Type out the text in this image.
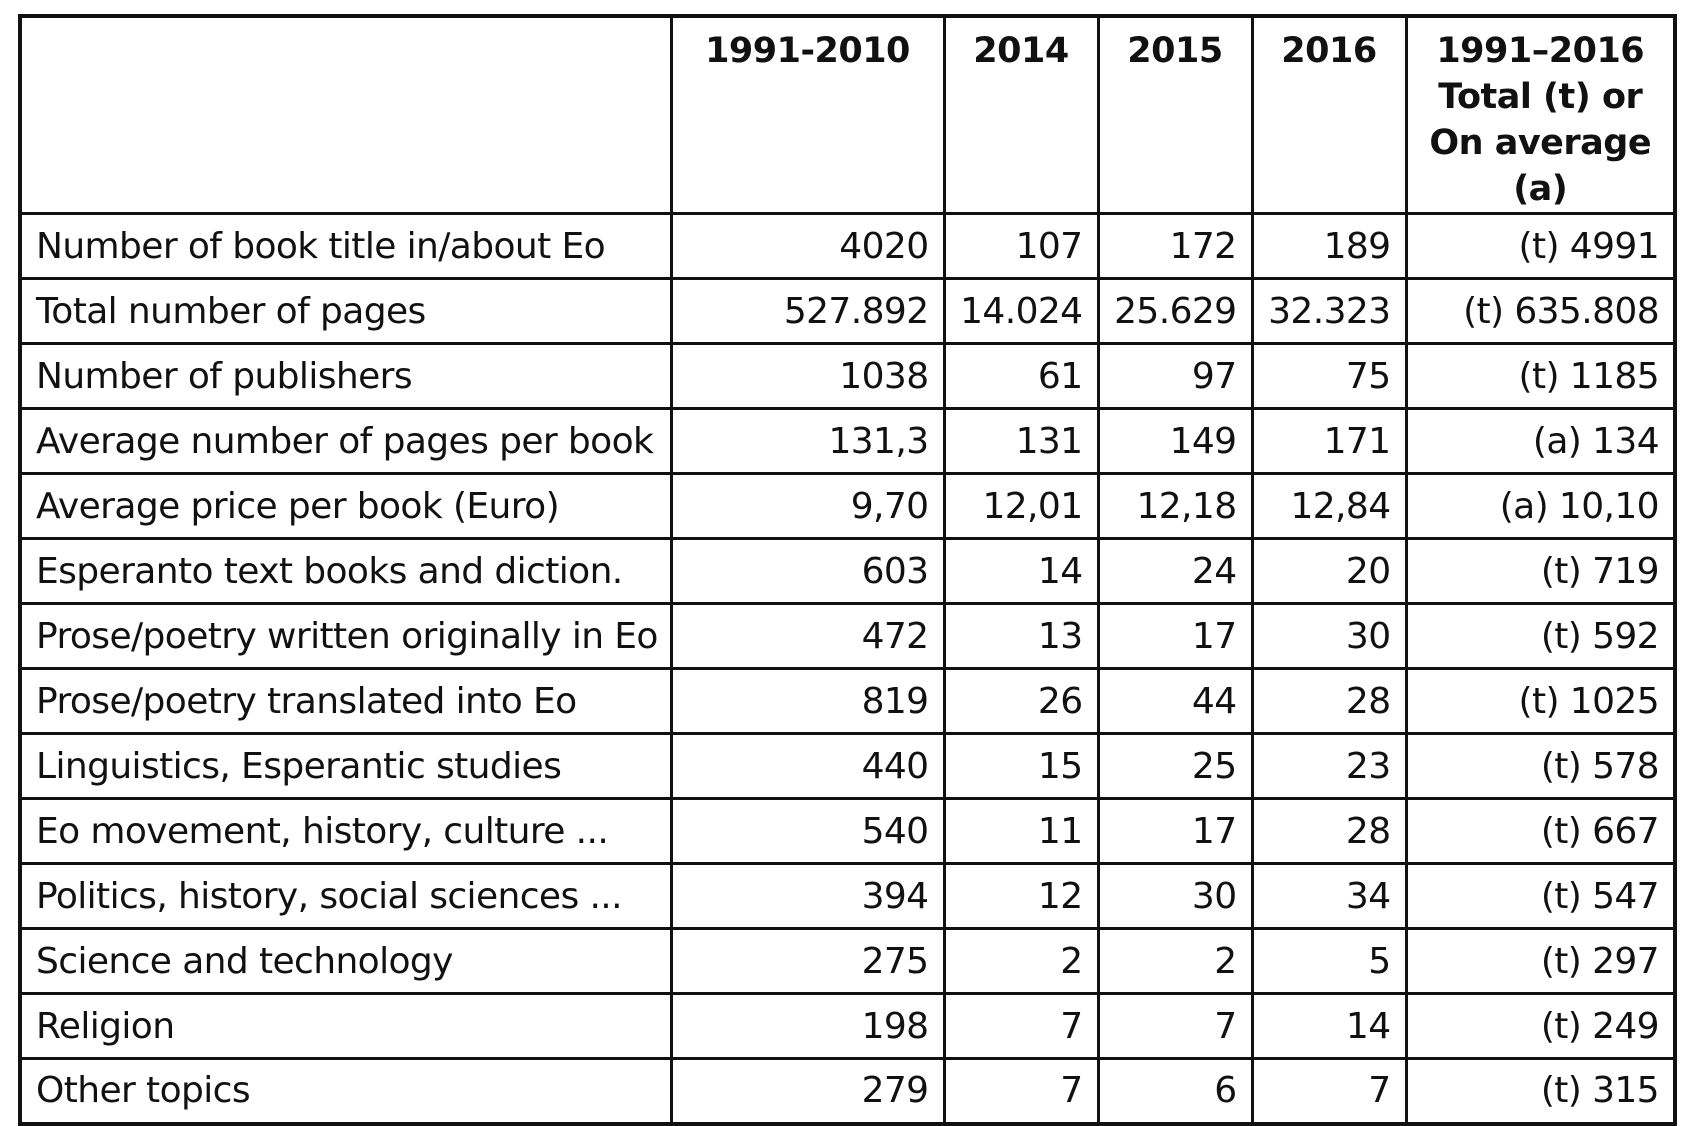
	1991-2010	2014	2015	2016	1991–2016
Total (t) or
On average (a)

Number of book title in/about Eo	4020	107	172	189	(t) 4991
Total number of pages	527.892	14.024	25.629	32.323	(t) 635.808
Number of publishers	1038	61	97	75	(t) 1185
Average number of pages per book	131,3	131	149	171	(a) 134
Average price per book (Euro)	9,70	12,01	12,18	12,84	(a) 10,10
Esperanto text books and diction.	603	14	24	20	(t) 719
Prose/poetry written originally in Eo	472	13	17	30	(t) 592
Prose/poetry translated into Eo	819	26	44	28	(t) 1025
Linguistics, Esperantic studies	440	15	25	23	(t) 578
Eo movement, history, culture ...	540	11	17	28	(t) 667
Politics, history, social sciences ...	394	12	30	34	(t) 547
Science and technology	275	2	2	5	(t) 297
Religion	198	7	7	14	(t) 249
Other topics	279	7	6	7	(t) 315
